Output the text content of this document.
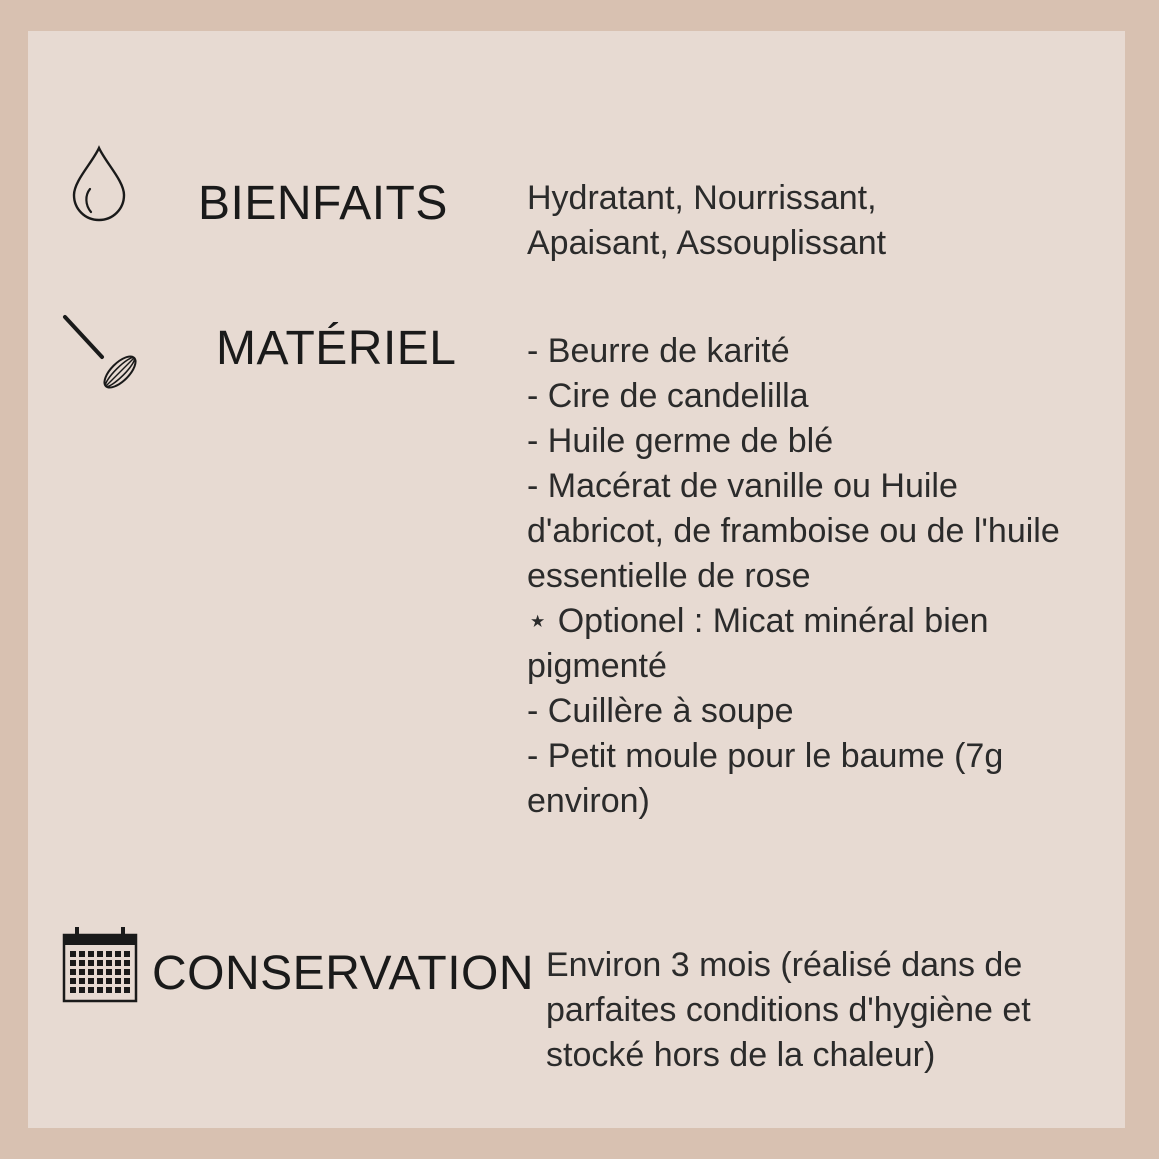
BIENFAITS Hydratant, Nourrissant,
Apaisant, Assouplissant
MATÉRIEL - Beurre de karité
- Cire de candelilla
- Huile germe de blé
- Macérat de vanille ou Huile
d'abricot, de framboise ou de l'huile
essentielle de rose
⋆ Optionel : Micat minéral bien
pigmenté
- Cuillère à soupe
- Petit moule pour le baume (7g
environ)
CONSERVATION Environ 3 mois (réalisé dans de
parfaites conditions d'hygiène et
stocké hors de la chaleur)
